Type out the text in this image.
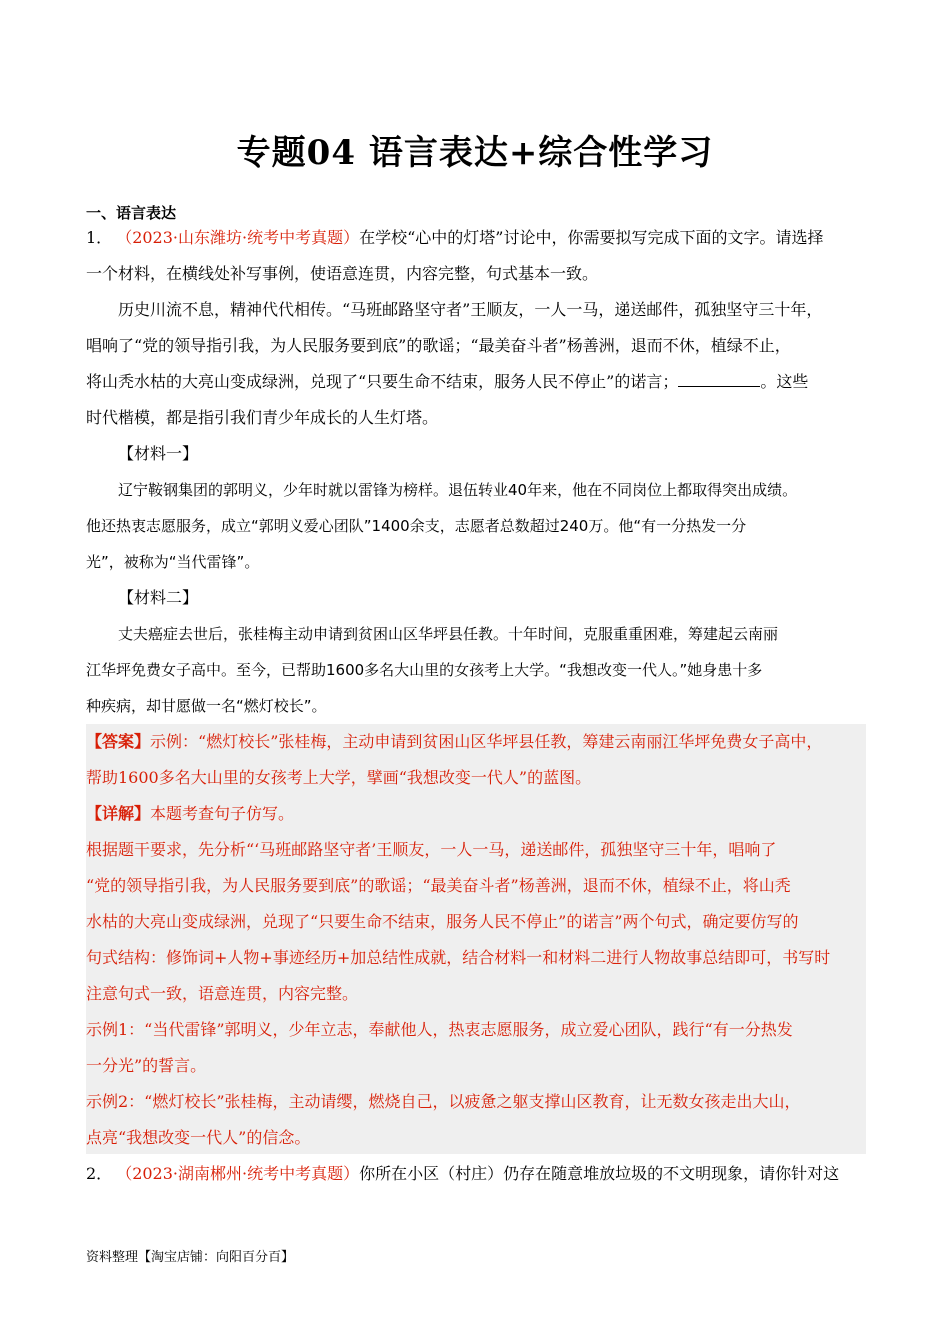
专题04 语言表达+综合性学习
一、语言表达
1． （2023·山东潍坊·统考中考真题）在学校“心中的灯塔”讨论中，你需要拟写完成下面的文字。请选择
一个材料，在横线处补写事例，使语意连贯，内容完整，句式基本一致。
历史川流不息，精神代代相传。“马班邮路坚守者”王顺友，一人一马，递送邮件，孤独坚守三十年，
唱响了“党的领导指引我，为人民服务要到底”的歌谣；“最美奋斗者”杨善洲，退而不休，植绿不止，
将山秃水枯的大亮山变成绿洲，兑现了“只要生命不结束，服务人民不停止”的诺言；	。这些
时代楷模，都是指引我们青少年成长的人生灯塔。
【材料一】
辽宁鞍钢集团的郭明义，少年时就以雷锋为榜样。退伍转业40年来，他在不同岗位上都取得突出成绩。
他还热衷志愿服务，成立“郭明义爱心团队”1400余支，志愿者总数超过240万。他“有一分热发一分
光”，被称为“当代雷锋”。
【材料二】
丈夫癌症去世后，张桂梅主动申请到贫困山区华坪县任教。十年时间，克服重重困难，筹建起云南丽
江华坪免费女子高中。至今，已帮助1600多名大山里的女孩考上大学。“我想改变一代人。”她身患十多
种疾病，却甘愿做一名“燃灯校长”。
【答案】示例：“燃灯校长”张桂梅，主动申请到贫困山区华坪县任教，筹建云南丽江华坪免费女子高中，
帮助1600多名大山里的女孩考上大学，擘画“我想改变一代人”的蓝图。
【详解】本题考查句子仿写。
根据题干要求，先分析“‘马班邮路坚守者’王顺友，一人一马，递送邮件，孤独坚守三十年，唱响了
“党的领导指引我，为人民服务要到底”的歌谣；“最美奋斗者”杨善洲，退而不休，植绿不止，将山秃
水枯的大亮山变成绿洲，兑现了“只要生命不结束，服务人民不停止”的诺言”两个句式，确定要仿写的
句式结构：修饰词+人物+事迹经历+加总结性成就，结合材料一和材料二进行人物故事总结即可，书写时
注意句式一致，语意连贯，内容完整。
示例1：“当代雷锋”郭明义，少年立志，奉献他人，热衷志愿服务，成立爱心团队，践行“有一分热发
一分光”的誓言。
示例2：“燃灯校长”张桂梅，主动请缨，燃烧自己，以疲惫之躯支撑山区教育，让无数女孩走出大山，
点亮“我想改变一代人”的信念。
2． （2023·湖南郴州·统考中考真题）你所在小区（村庄）仍存在随意堆放垃圾的不文明现象，请你针对这
资料整理【淘宝店铺：向阳百分百】
